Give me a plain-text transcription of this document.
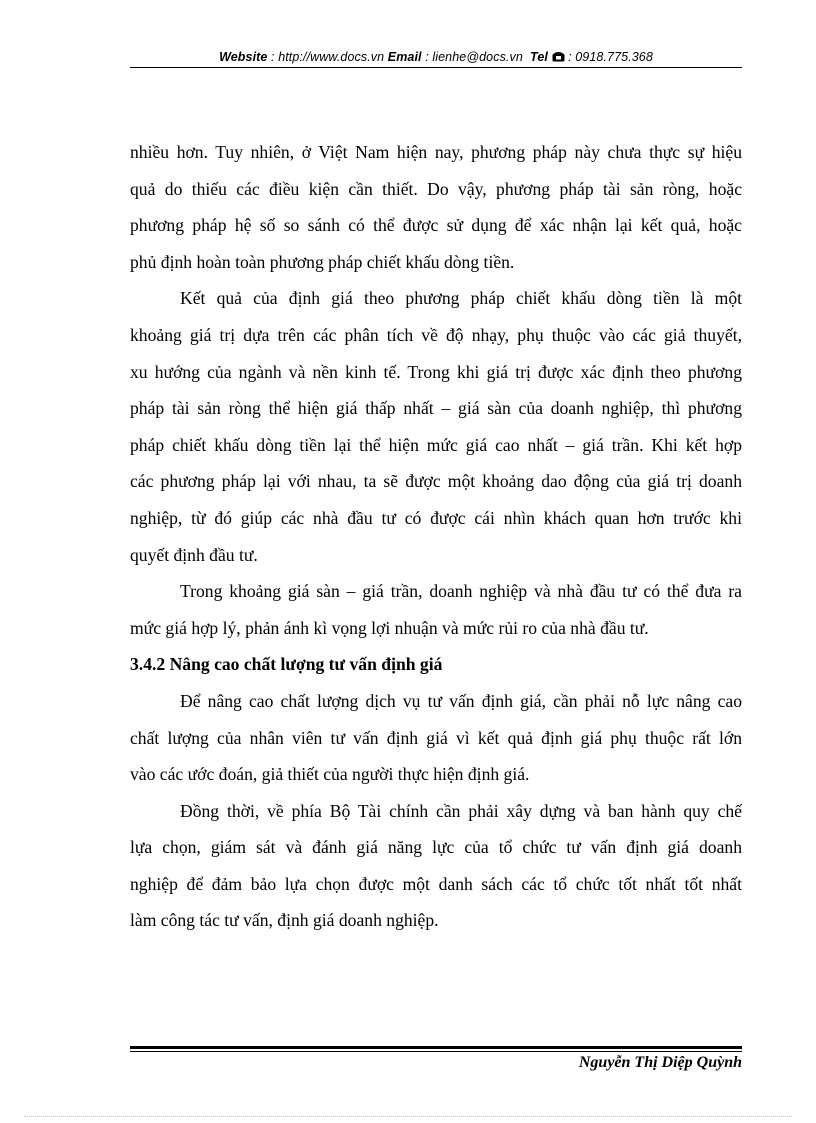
Website : http://www.docs.vn Email : lienhe@docs.vn Tel  : 0918.775.368
nhiều hơn. Tuy nhiên, ở Việt Nam hiện nay, phương pháp này chưa thực sự hiệu
quả do thiếu các điều kiện cần thiết. Do vậy, phương pháp tài sản ròng, hoặc
phương pháp hệ số so sánh có thể được sử dụng để xác nhận lại kết quả, hoặc
phủ định hoàn toàn phương pháp chiết khấu dòng tiền.
Kết quả của định giá theo phương pháp chiết khấu dòng tiền là một
khoảng giá trị dựa trên các phân tích về độ nhạy, phụ thuộc vào các giả thuyết,
xu hướng của ngành và nền kinh tế. Trong khi giá trị được xác định theo phương
pháp tài sản ròng thể hiện giá thấp nhất – giá sàn của doanh nghiệp, thì phương
pháp chiết khấu dòng tiền lại thể hiện mức giá cao nhất – giá trần. Khi kết hợp
các phương pháp lại với nhau, ta sẽ được một khoảng dao động của giá trị doanh
nghiệp, từ đó giúp các nhà đầu tư có được cái nhìn khách quan hơn trước khi
quyết định đầu tư.
Trong khoảng giá sàn – giá trần, doanh nghiệp và nhà đầu tư có thể đưa ra
mức giá hợp lý, phản ánh kì vọng lợi nhuận và mức rủi ro của nhà đầu tư.
3.4.2 Nâng cao chất lượng tư vấn định giá
Để nâng cao chất lượng dịch vụ tư vấn định giá, cần phải nỗ lực nâng cao
chất lượng của nhân viên tư vấn định giá vì kết quả định giá phụ thuộc rất lớn
vào các ước đoán, giả thiết của người thực hiện định giá.
Đồng thời, về phía Bộ Tài chính cần phải xây dựng và ban hành quy chế
lựa chọn, giám sát và đánh giá năng lực của tổ chức tư vấn định giá doanh
nghiệp để đảm bảo lựa chọn được một danh sách các tổ chức tốt nhất tốt nhất
làm công tác tư vấn, định giá doanh nghiệp.
Nguyễn Thị Diệp Quỳnh
